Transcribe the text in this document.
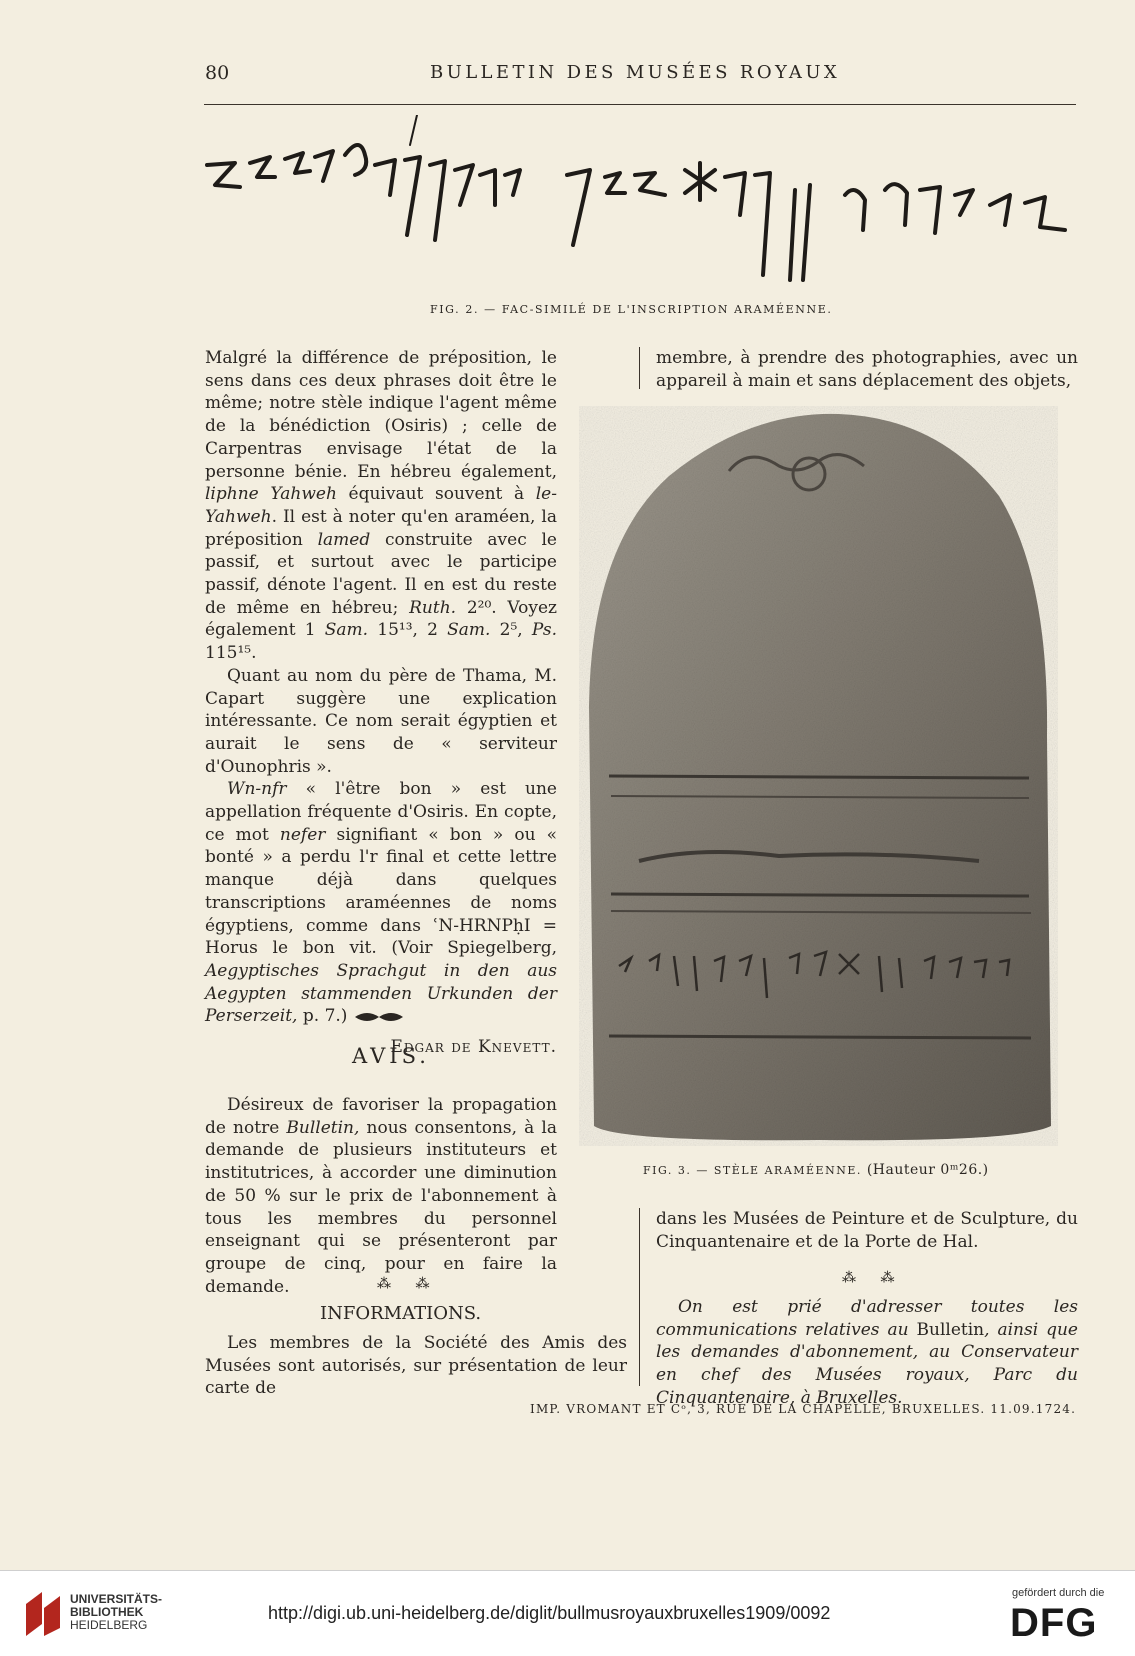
80	BULLETIN DES MUSÉES ROYAUX
FIG. 2. — FAC-SIMILÉ DE L'INSCRIPTION ARAMÉENNE.

Malgré la différence de préposition, le sens dans ces deux phrases doit être le même; notre stèle indique l'agent même de la bénédiction (Osiris) ; celle de Carpentras envisage l'état de la personne bénie. En hébreu également, liphne Yahweh équivaut souvent à le-Yahweh. Il est à noter qu'en araméen, la préposition lamed construite avec le passif, et surtout avec le participe passif, dénote l'agent. Il en est du reste de même en hébreu; Ruth. 2²⁰. Voyez également 1 Sam. 15¹³, 2 Sam. 2⁵, Ps. 115¹⁵.

Quant au nom du père de Thama, M. Capart suggère une explication intéressante. Ce nom serait égyptien et aurait le sens de « serviteur d'Ounophris ».

Wn-nfr « l'être bon » est une appellation fréquente d'Osiris. En copte, ce mot nefer signifiant « bon » ou « bonté » a perdu l'r final et cette lettre manque déjà dans quelques transcriptions araméennes de noms égyptiens, comme dans ʿN-HRNPḥI = Horus le bon vit. (Voir Spiegelberg, Aegyptisches Sprachgut in den aus Aegypten stammenden Urkunden der Perserzeit, p. 7.)

Edgar de Knevett.

membre, à prendre des photographies, avec un appareil à main et sans déplacement des objets,
FIG. 3. — STÈLE ARAMÉENNE. (Hauteur 0ᵐ26.)
AVIS.

Désireux de favoriser la propagation de notre Bulletin, nous consentons, à la demande de plusieurs instituteurs et institutrices, à accorder une diminution de 50 % sur le prix de l'abonnement à tous les membres du personnel enseignant qui se présenteront par groupe de cinq, pour en faire la demande.	⁂ ⁂
INFORMATIONS.

Les membres de la Société des Amis des Musées sont autorisés, sur présentation de leur carte de

dans les Musées de Peinture et de Sculpture, du Cinquantenaire et de la Porte de Hal.
⁂ ⁂

On est prié d'adresser toutes les communications relatives au Bulletin, ainsi que les demandes d'abonnement, au Conservateur en chef des Musées royaux, Parc du Cinquantenaire, à Bruxelles.

IMP. VROMANT ET Cᵒ, 3, RUE DE LA CHAPELLE, BRUXELLES. 11.09.1724.
UNIVERSITÄTS-
BIBLIOTHEK
HEIDELBERG
http://digi.ub.uni-heidelberg.de/diglit/bullmusroyauxbruxelles1909/0092
gefördert durch die
DFG
